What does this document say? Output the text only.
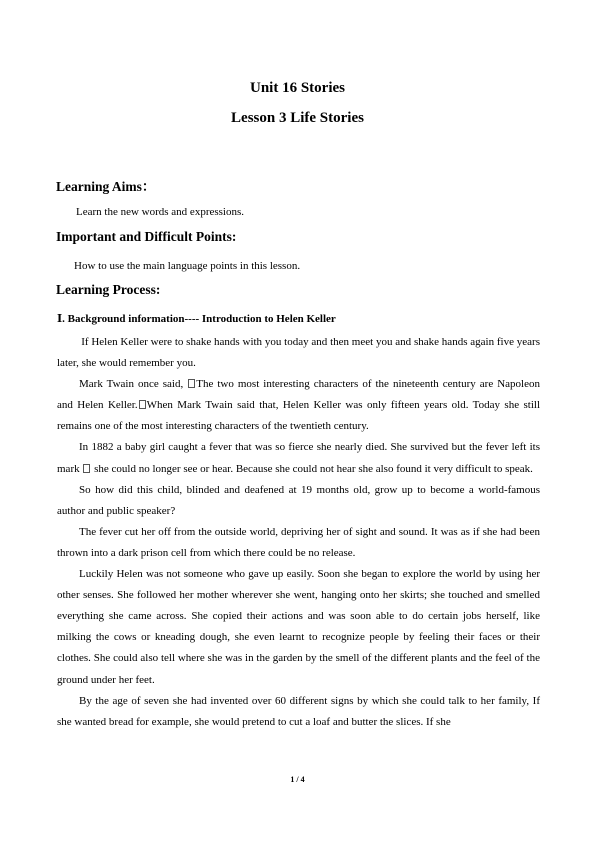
Unit 16 Stories
Lesson 3 Life Stories
Learning Aims：
Learn the new words and expressions.
Important and Difficult Points:
How to use the main language points in this lesson.
Learning Process:
Ⅰ. Background information---- Introduction to Helen Keller

If Helen Keller were to shake hands with you today and then meet you and shake hands again five years later, she would remember you.

Mark Twain once said, The two most interesting characters of the nineteenth century are Napoleon and Helen Keller. When Mark Twain said that, Helen Keller was only fifteen years old. Today she still remains one of the most interesting characters of the twentieth century.

In 1882 a baby girl caught a fever that was so fierce she nearly died. She survived but the fever left its mark  she could no longer see or hear. Because she could not hear she also found it very difficult to speak.

So how did this child, blinded and deafened at 19 months old, grow up to become a world-famous author and public speaker?

The fever cut her off from the outside world, depriving her of sight and sound. It was as if she had been thrown into a dark prison cell from which there could be no release.

Luckily Helen was not someone who gave up easily. Soon she began to explore the world by using her other senses. She followed her mother wherever she went, hanging onto her skirts; she touched and smelled everything she came across. She copied their actions and was soon able to do certain jobs herself, like milking the cows or kneading dough, she even learnt to recognize people by feeling their faces or their clothes. She could also tell where she was in the garden by the smell of the different plants and the feel of the ground under her feet.

By the age of seven she had invented over 60 different signs by which she could talk to her family, If she wanted bread for example, she would pretend to cut a loaf and butter the slices. If she

1 / 4
